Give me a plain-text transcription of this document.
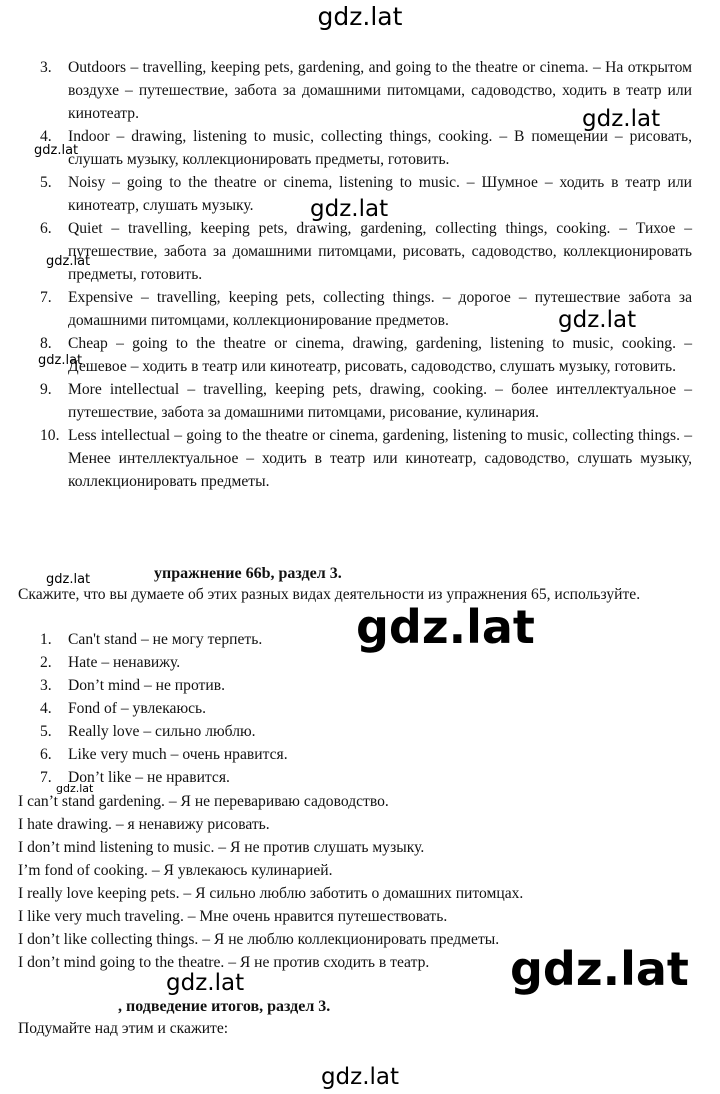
gdz.lat
gdz.lat
gdz.lat
gdz.lat
gdz.lat
gdz.lat
gdz.lat
gdz.lat
gdz.lat
gdz.lat
gdz.lat
gdz.lat
gdz.lat
3. Outdoors – travelling, keeping pets, gardening, and going to the theatre or cinema. – На открытом воздухе – путешествие, забота за домашними питомцами, садоводство, ходить в театр или кинотеатр.
4. Indoor – drawing, listening to music, collecting things, cooking. – В помещении – рисовать, слушать музыку, коллекционировать предметы, готовить.
5. Noisy – going to the theatre or cinema, listening to music. – Шумное – ходить в театр или кинотеатр, слушать музыку.
6. Quiet – travelling, keeping pets, drawing, gardening, collecting things, cooking. – Тихое – путешествие, забота за домашними питомцами, рисовать, садоводство, коллекционировать предметы, готовить.
7. Expensive – travelling, keeping pets, collecting things. – дорогое – путешествие забота за домашними питомцами, коллекционирование предметов.
8. Cheap – going to the theatre or cinema, drawing, gardening, listening to music, cooking. – Дешевое – ходить в театр или кинотеатр, рисовать, садоводство, слушать музыку, готовить.
9. More intellectual – travelling, keeping pets, drawing, cooking. – более интеллектуальное – путешествие, забота за домашними питомцами, рисование, кулинария.
10. Less intellectual – going to the theatre or cinema, gardening, listening to music, collecting things. – Менее интеллектуальное – ходить в театр или кинотеатр, садоводство, слушать музыку, коллекционировать предметы.
упражнение 66b, раздел 3.
Скажите, что вы думаете об этих разных видах деятельности из упражнения 65, используйте.
1. Can't stand – не могу терпеть.
2. Hate – ненавижу.
3. Don’t mind – не против.
4. Fond of – увлекаюсь.
5. Really love – сильно люблю.
6. Like very much – очень нравится.
7. Don’t like – не нравится.
I can’t stand gardening. – Я не перевариваю садоводство.
I hate drawing. – я ненавижу рисовать.
I don’t mind listening to music. – Я не против слушать музыку.
I’m fond of cooking. – Я увлекаюсь кулинарией.
I really love keeping pets. – Я сильно люблю заботить о домашних питомцах.
I like very much traveling. – Мне очень нравится путешествовать.
I don’t like collecting things. – Я не люблю коллекционировать предметы.
I don’t mind going to the theatre. – Я не против сходить в театр.
, подведение итогов, раздел 3.
Подумайте над этим и скажите:
